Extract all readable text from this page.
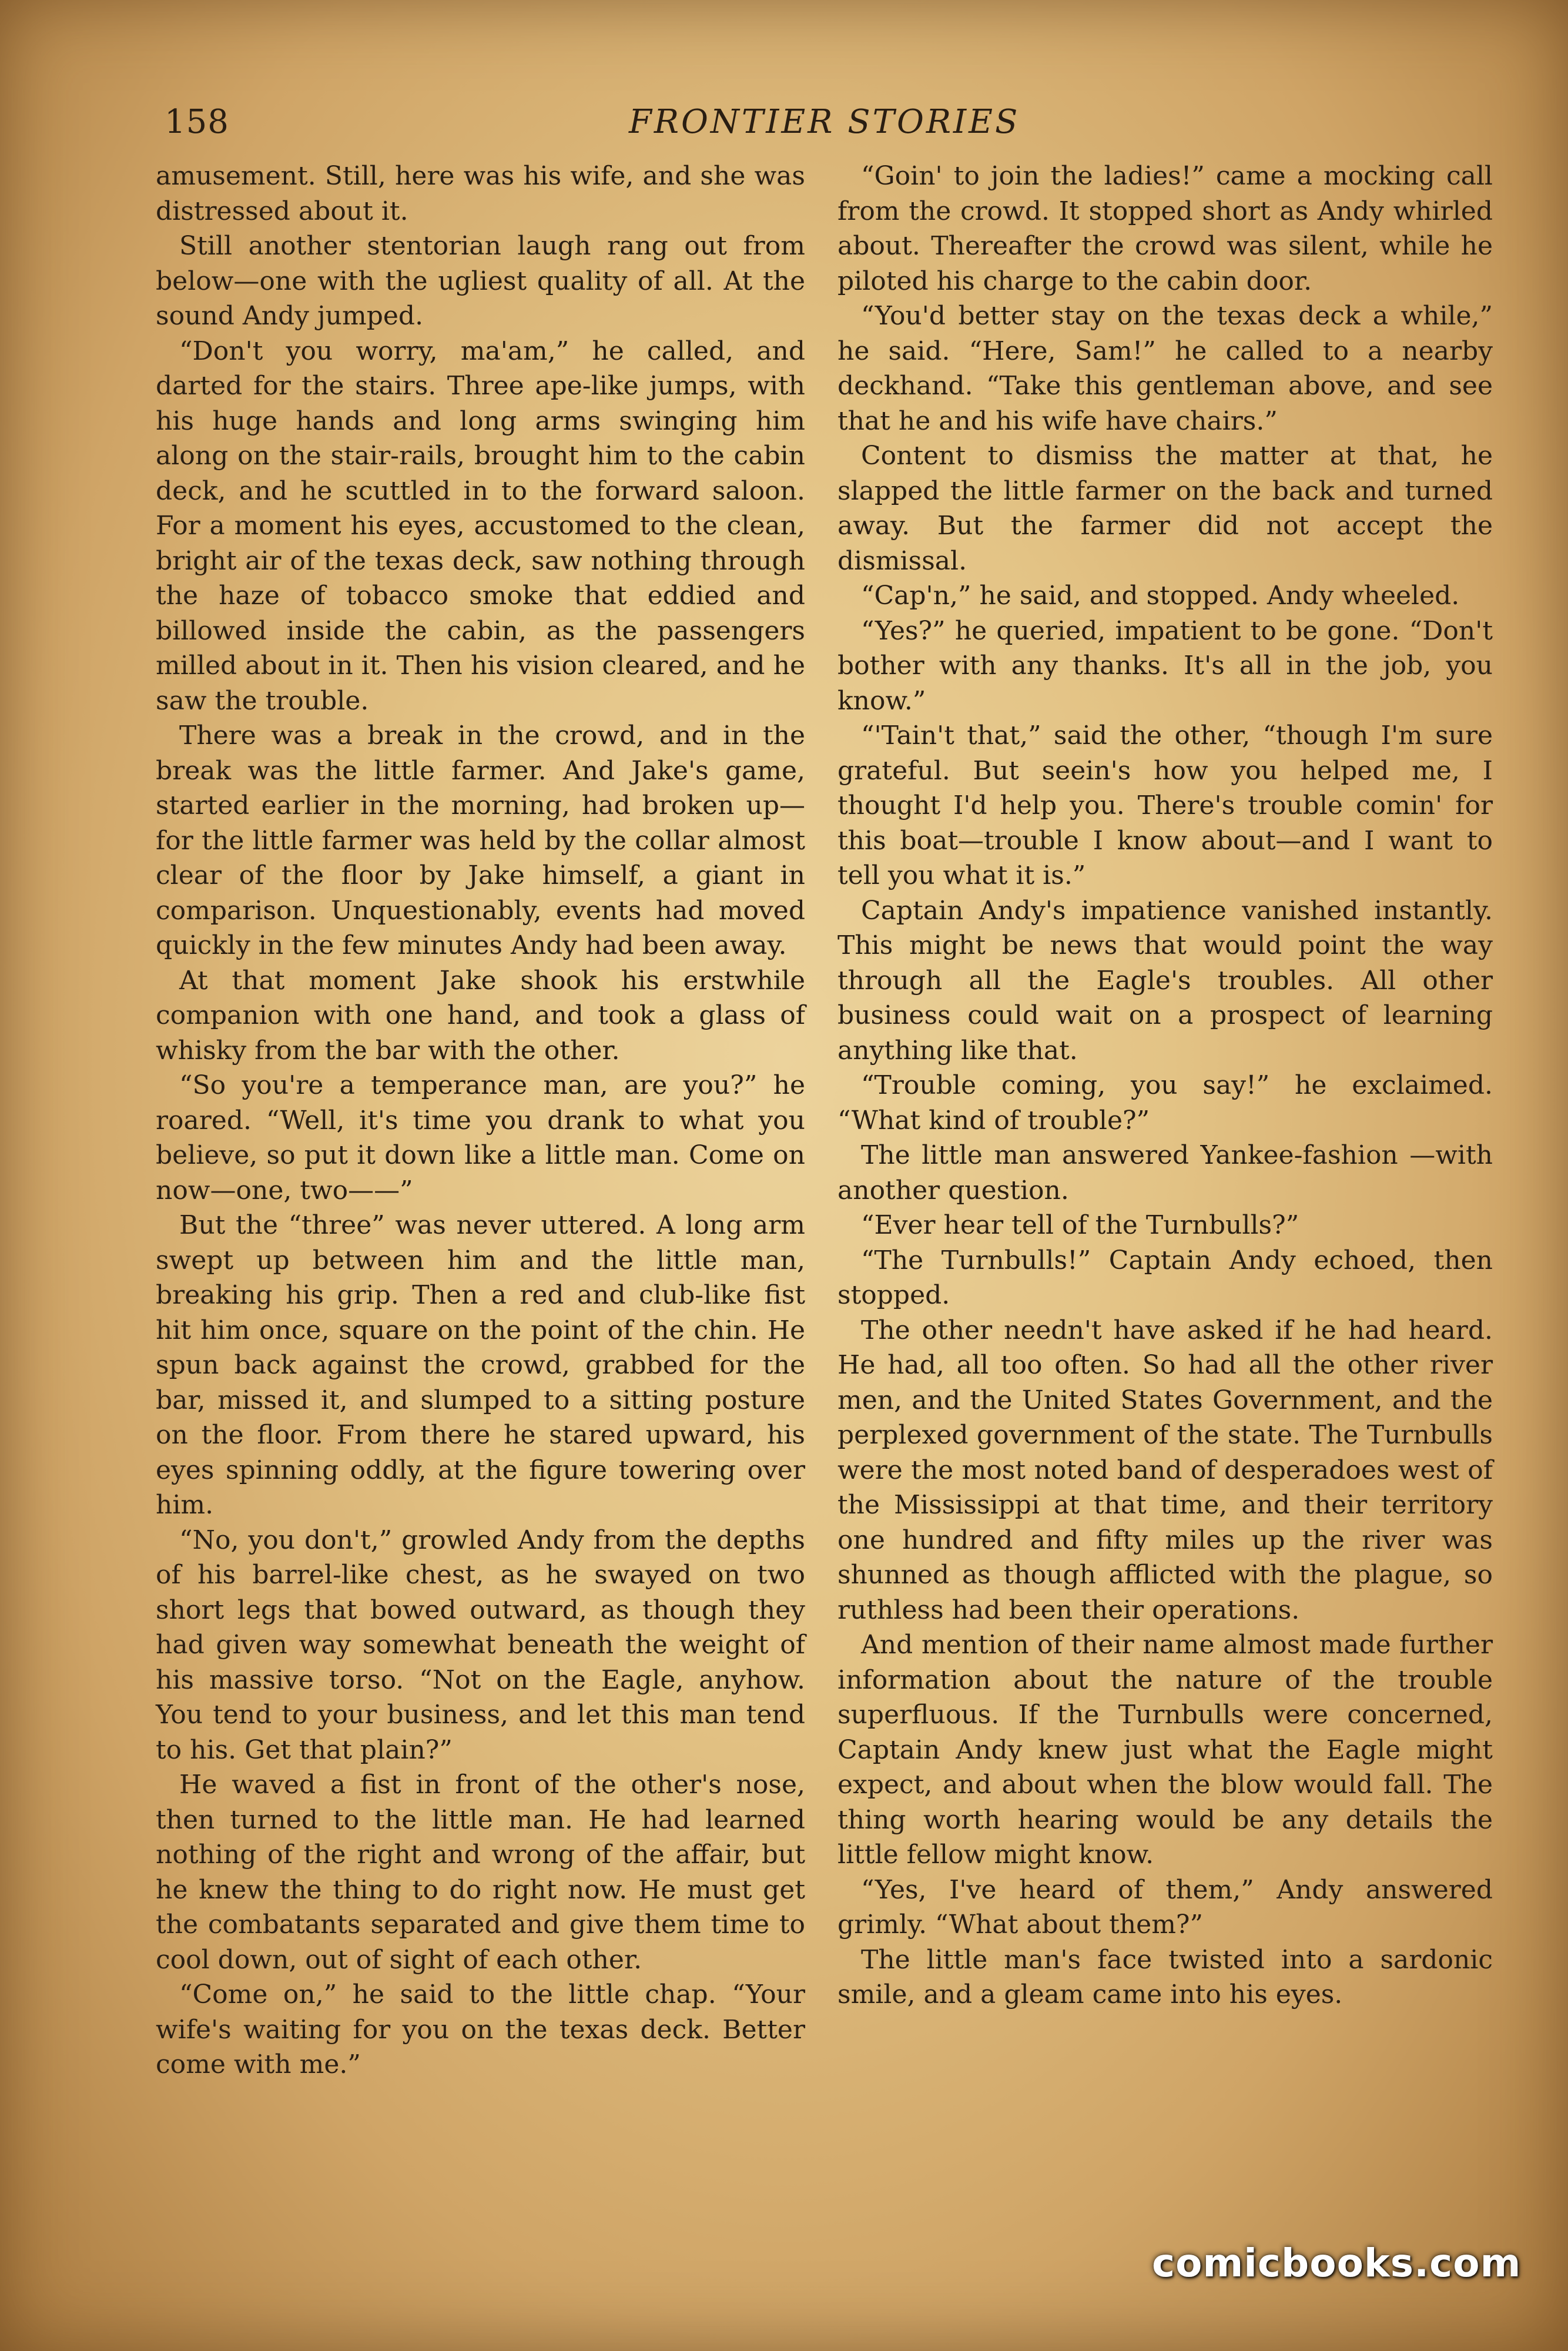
158	FRONTIER STORIES

amusement. Still, here was his wife, and she was distressed about it.

Still another stentorian laugh rang out from below—one with the ugliest quality of all. At the sound Andy jumped.

“Don't you worry, ma'am,” he called, and darted for the stairs. Three ape-like jumps, with his huge hands and long arms swinging him along on the stair-rails, brought him to the cabin deck, and he scuttled in to the forward saloon. For a moment his eyes, accustomed to the clean, bright air of the texas deck, saw nothing through the haze of tobacco smoke that eddied and billowed inside the cabin, as the passengers milled about in it. Then his vision cleared, and he saw the trouble.

There was a break in the crowd, and in the break was the little farmer. And Jake's game, started earlier in the morning, had broken up—for the little farmer was held by the collar almost clear of the floor by Jake himself, a giant in comparison. Unquestionably, events had moved quickly in the few minutes Andy had been away.

At that moment Jake shook his erstwhile companion with one hand, and took a glass of whisky from the bar with the other.

“So you're a temperance man, are you?” he roared. “Well, it's time you drank to what you believe, so put it down like a little man. Come on now—one, two——”

But the “three” was never uttered. A long arm swept up between him and the little man, breaking his grip. Then a red and club-like fist hit him once, square on the point of the chin. He spun back against the crowd, grabbed for the bar, missed it, and slumped to a sitting posture on the floor. From there he stared upward, his eyes spinning oddly, at the figure towering over him.

“No, you don't,” growled Andy from the depths of his barrel-like chest, as he swayed on two short legs that bowed outward, as though they had given way somewhat beneath the weight of his massive torso. “Not on the Eagle, anyhow. You tend to your business, and let this man tend to his. Get that plain?”

He waved a fist in front of the other's nose, then turned to the little man. He had learned nothing of the right and wrong of the affair, but he knew the thing to do right now. He must get the combatants separated and give them time to cool down, out of sight of each other.

“Come on,” he said to the little chap. “Your wife's waiting for you on the texas deck. Better come with me.”

“Goin' to join the ladies!” came a mocking call from the crowd. It stopped short as Andy whirled about. Thereafter the crowd was silent, while he piloted his charge to the cabin door.

“You'd better stay on the texas deck a while,” he said. “Here, Sam!” he called to a nearby deckhand. “Take this gentleman above, and see that he and his wife have chairs.”

Content to dismiss the matter at that, he slapped the little farmer on the back and turned away. But the farmer did not accept the dismissal.

“Cap'n,” he said, and stopped. Andy wheeled.

“Yes?” he queried, impatient to be gone. “Don't bother with any thanks. It's all in the job, you know.”

“'Tain't that,” said the other, “though I'm sure grateful. But seein's how you helped me, I thought I'd help you. There's trouble comin' for this boat—trouble I know about—and I want to tell you what it is.”

Captain Andy's impatience vanished instantly. This might be news that would point the way through all the Eagle's troubles. All other business could wait on a prospect of learning anything like that.

“Trouble coming, you say!” he exclaimed. “What kind of trouble?”

The little man answered Yankee-fashion —with another question.

“Ever hear tell of the Turnbulls?”

“The Turnbulls!” Captain Andy echoed, then stopped.

The other needn't have asked if he had heard. He had, all too often. So had all the other river men, and the United States Government, and the perplexed government of the state. The Turnbulls were the most noted band of desperadoes west of the Mississippi at that time, and their territory one hundred and fifty miles up the river was shunned as though afflicted with the plague, so ruthless had been their operations.

And mention of their name almost made further information about the nature of the trouble superfluous. If the Turnbulls were concerned, Captain Andy knew just what the Eagle might expect, and about when the blow would fall. The thing worth hearing would be any details the little fellow might know.

“Yes, I've heard of them,” Andy answered grimly. “What about them?”

The little man's face twisted into a sardonic smile, and a gleam came into his eyes.

comicbooks.com
